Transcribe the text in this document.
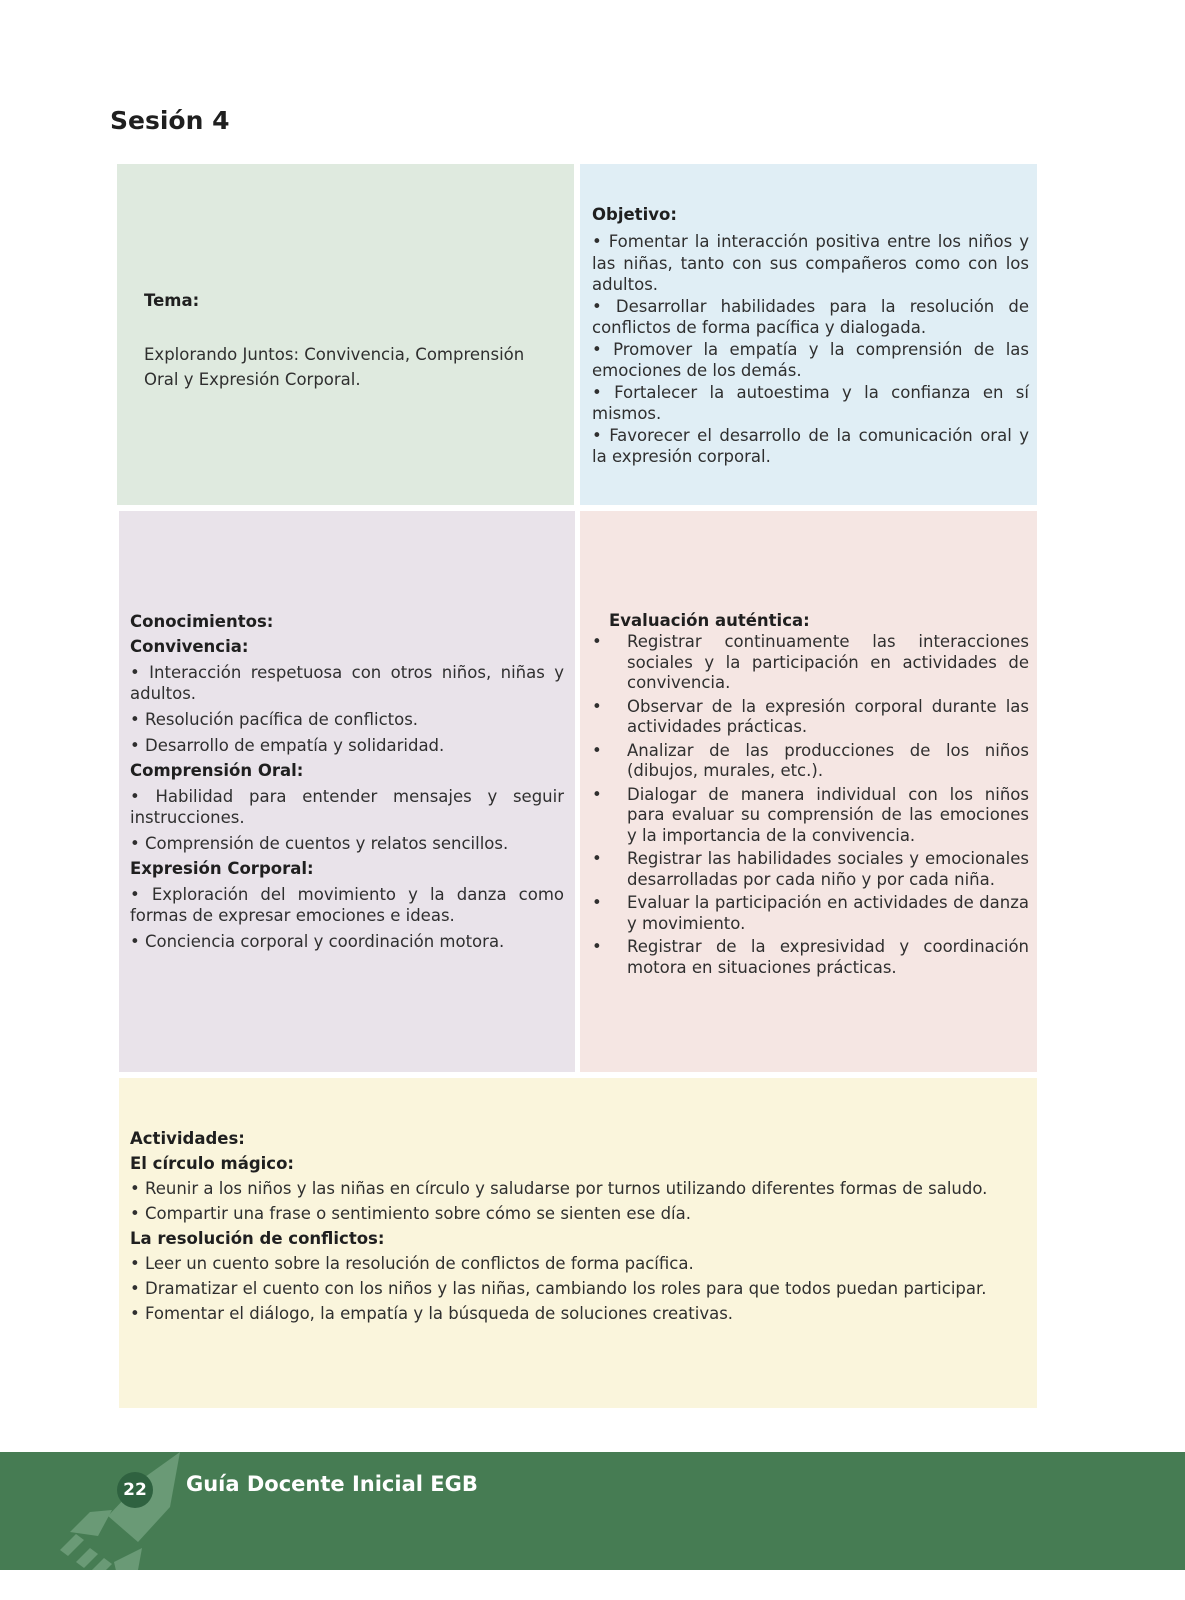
Sesión 4
Tema:
Explorando Juntos: Convivencia, Comprensión Oral y Expresión Corporal.
Objetivo:
• Fomentar la interacción positiva entre los niños y las niñas, tanto con sus compañeros como con los adultos.
• Desarrollar habilidades para la resolución de conflictos de forma pacífica y dialogada.
• Promover la empatía y la comprensión de las emociones de los demás.
• Fortalecer la autoestima y la confianza en sí mismos.
• Favorecer el desarrollo de la comunicación oral y la expresión corporal.
Conocimientos:
Convivencia:
• Interacción respetuosa con otros niños, niñas y adultos.
• Resolución pacífica de conflictos.
• Desarrollo de empatía y solidaridad.
Comprensión Oral:
• Habilidad para entender mensajes y seguir instrucciones.
• Comprensión de cuentos y relatos sencillos.
Expresión Corporal:
• Exploración del movimiento y la danza como formas de expresar emociones e ideas.
• Conciencia corporal y coordinación motora.
Evaluación auténtica:
• Registrar continuamente las interacciones sociales y la participación en actividades de convivencia.
• Observar de la expresión corporal durante las actividades prácticas.
• Analizar de las producciones de los niños (dibujos, murales, etc.).
• Dialogar de manera individual con los niños para evaluar su comprensión de las emociones y la importancia de la convivencia.
• Registrar las habilidades sociales y emocionales desarrolladas por cada niño y por cada niña.
• Evaluar la participación en actividades de danza y movimiento.
• Registrar de la expresividad y coordinación motora en situaciones prácticas.
Actividades:
El círculo mágico:
• Reunir a los niños y las niñas en círculo y saludarse por turnos utilizando diferentes formas de saludo.
• Compartir una frase o sentimiento sobre cómo se sienten ese día.
La resolución de conflictos:
• Leer un cuento sobre la resolución de conflictos de forma pacífica.
• Dramatizar el cuento con los niños y las niñas, cambiando los roles para que todos puedan participar.
• Fomentar el diálogo, la empatía y la búsqueda de soluciones creativas.
22 Guía Docente Inicial EGB
